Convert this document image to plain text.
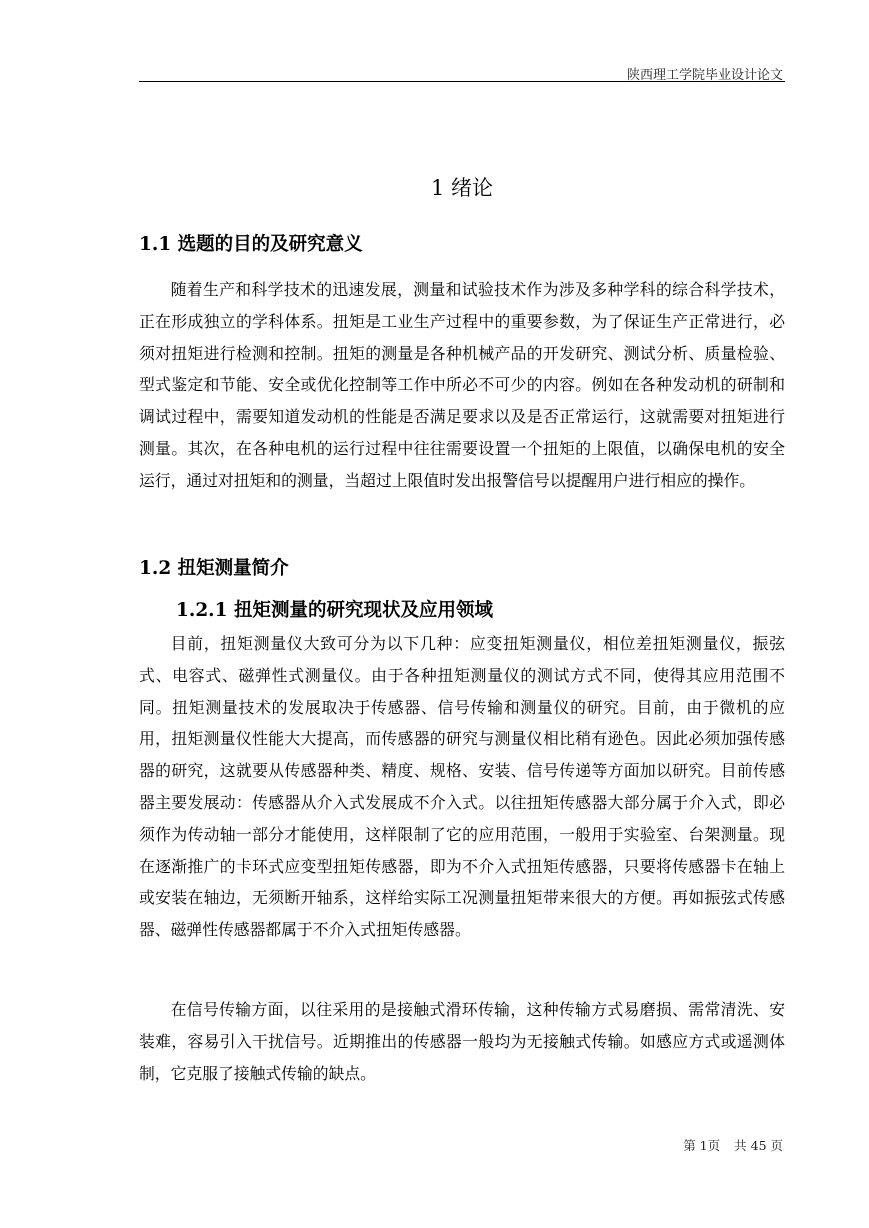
陕西理工学院毕业设计论文
1 绪论
1.1 选题的目的及研究意义

随着生产和科学技术的迅速发展，测量和试验技术作为涉及多种学科的综合科学技术，正在形成独立的学科体系。扭矩是工业生产过程中的重要参数，为了保证生产正常进行，必须对扭矩进行检测和控制。扭矩的测量是各种机械产品的开发研究、测试分析、质量检验、型式鉴定和节能、安全或优化控制等工作中所必不可少的内容。例如在各种发动机的研制和调试过程中，需要知道发动机的性能是否满足要求以及是否正常运行，这就需要对扭矩进行测量。其次，在各种电机的运行过程中往往需要设置一个扭矩的上限值，以确保电机的安全运行，通过对扭矩和的测量，当超过上限值时发出报警信号以提醒用户进行相应的操作。

1.2 扭矩测量简介
1.2.1 扭矩测量的研究现状及应用领域

目前，扭矩测量仪大致可分为以下几种：应变扭矩测量仪，相位差扭矩测量仪，振弦式、电容式、磁弹性式测量仪。由于各种扭矩测量仪的测试方式不同，使得其应用范围不同。扭矩测量技术的发展取决于传感器、信号传输和测量仪的研究。目前，由于微机的应用，扭矩测量仪性能大大提高，而传感器的研究与测量仪相比稍有逊色。因此必须加强传感器的研究，这就要从传感器种类、精度、规格、安装、信号传递等方面加以研究。目前传感器主要发展动：传感器从介入式发展成不介入式。以往扭矩传感器大部分属于介入式，即必须作为传动轴一部分才能使用，这样限制了它的应用范围，一般用于实验室、台架测量。现在逐渐推广的卡环式应变型扭矩传感器，即为不介入式扭矩传感器，只要将传感器卡在轴上或安装在轴边，无须断开轴系，这样给实际工况测量扭矩带来很大的方便。再如振弦式传感器、磁弹性传感器都属于不介入式扭矩传感器。

在信号传输方面，以往采用的是接触式滑环传输，这种传输方式易磨损、需常清洗、安装难，容易引入干扰信号。近期推出的传感器一般均为无接触式传输。如感应方式或遥测体制，它克服了接触式传输的缺点。

第 1页 共 45 页
